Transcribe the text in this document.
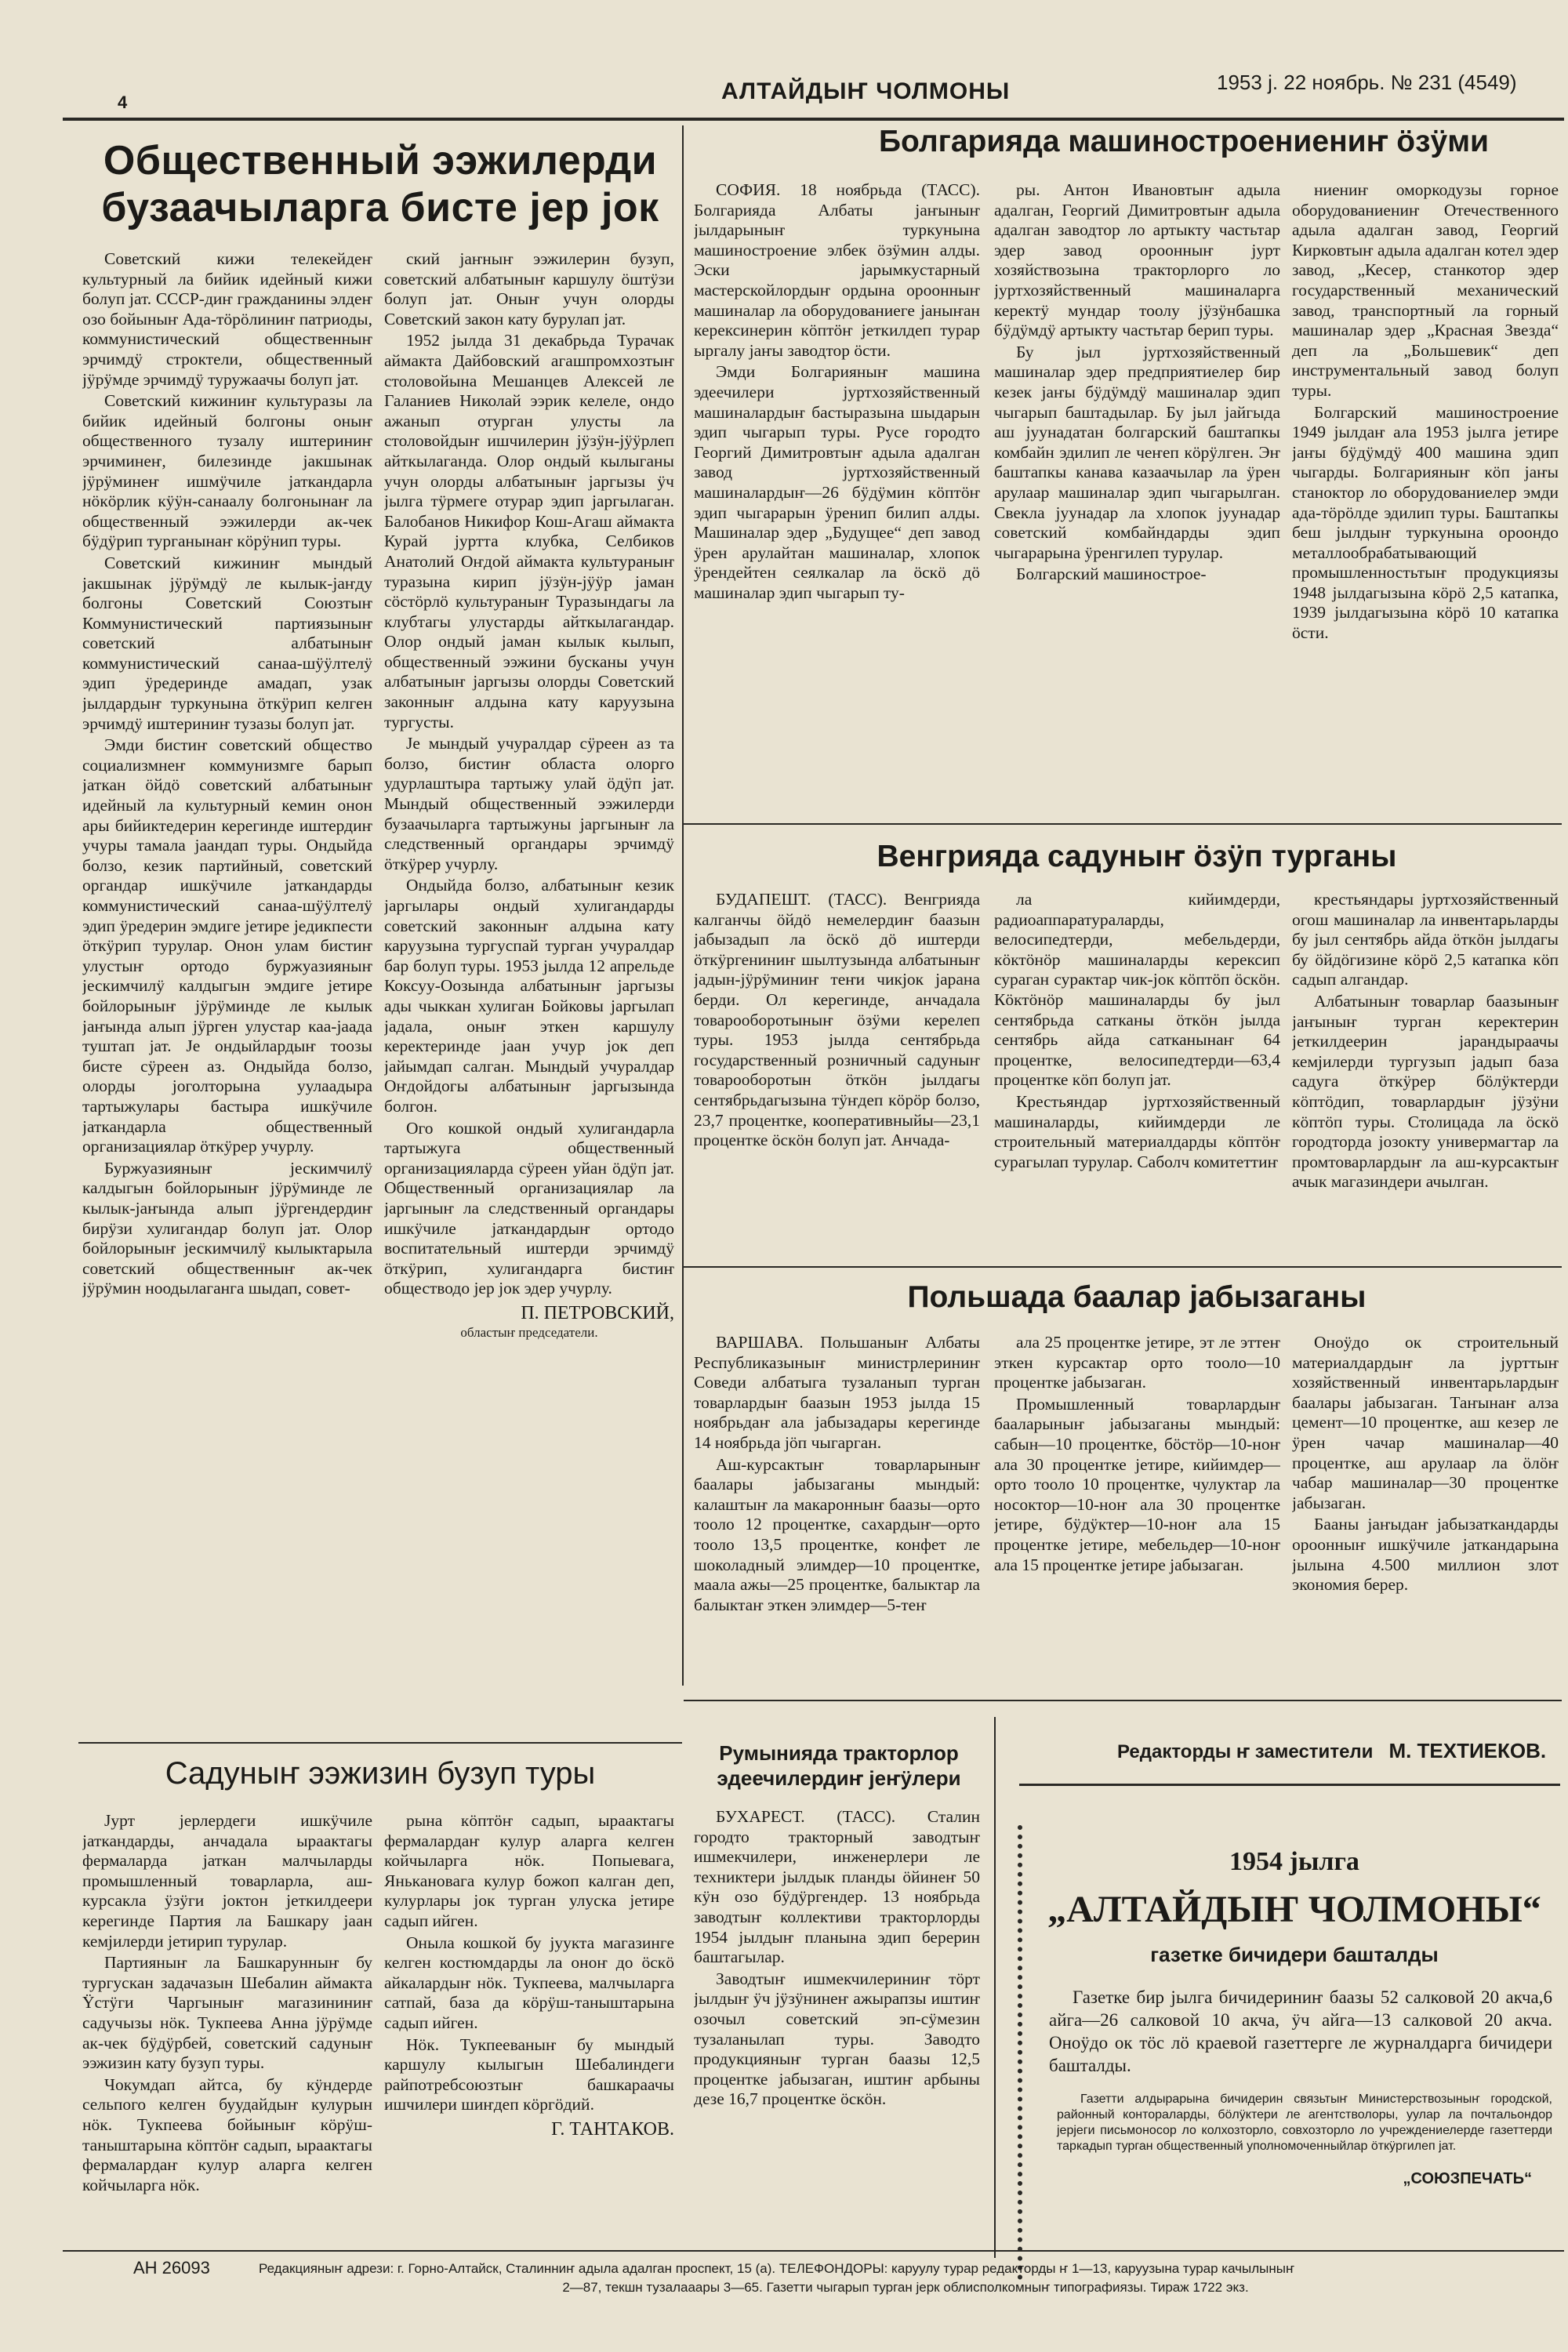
4	АЛТАЙДЫҤ ЧОЛМОНЫ	1953 ј. 22 ноябрь. № 231 (4549)
Общественный ээжилерди
бузаачыларга бисте јер јок

Советский кижи телекейдеҥ культурный ла бийик идейный кижи болуп јат. СССР-диҥ гражданины элдеҥ озо бойыныҥ Ада-тöрöлиниҥ патриоды, коммунистический общественныҥ эрчимдÿ строктели, общественный јÿрÿмде эрчимдÿ туружаачы болуп јат.

Советский кижиниҥ культуразы ла бийик идейный болгоны оныҥ общественного тузалу иштериниҥ эрчиминеҥ, билезинде јакшынак јÿрÿминеҥ ишмÿчиле јаткандарла нöкöрлик кÿÿн-санаалу болгонынаҥ ла общественный ээжилерди ак-чек бÿдÿрип турганынаҥ кöрÿнип туры.

Советский кижиниҥ мындый јакшынак јÿрÿмдÿ ле кылык-јаҥду болгоны Советский Союзтыҥ Коммунистический партиязыныҥ советский албатыныҥ коммунистический санаа-шÿÿлтелÿ эдип ÿредеринде амадап, узак јылдардыҥ туркунына öткÿрип келген эрчимдÿ иштериниҥ тузазы болуп јат.

Эмди бистиҥ советский общество социализмнеҥ коммунизмге барып јаткан öйдö советский албатыныҥ идейный ла культурный кемин онон ары бийиктедерин керегинде иштердиҥ учуры тамала јаандап туры. Ондыйда болзо, кезик партийный, советский органдар ишкÿчиле јаткандарды коммунистический санаа-шÿÿлтелÿ эдип ÿредерин эмдиге јетире једикпести öткÿрип турулар. Онон улам бистиҥ улустыҥ ортодо буржуазияныҥ јескимчилÿ калдыгын эмдиге јетире бойлорыныҥ јÿрÿминде ле кылык јаҥында алып јÿрген улустар каа-јаада туштап јат. Је ондыйлардыҥ тоозы бисте сÿреен аз. Ондыйда болзо, олорды јоголторына уулаадыра тартыжулары бастыра ишкÿчиле јаткандарла общественный организациялар öткÿрер учурлу.

Буржуазияныҥ јескимчилÿ калдыгын бойлорыныҥ јÿрÿминде ле кылык-јаҥында алып јÿргендердиҥ бирÿзи хулигандар болуп јат. Олор бойлорыныҥ јескимчилÿ кылыктарыла советский общественныҥ ак-чек јÿрÿмин ноодылаганга шыдап, совет-

ский јаҥныҥ ээжилерин бузуп, советский албатыныҥ каршулу öштÿзи болуп јат. Оныҥ учун олорды Советский закон кату бурулап јат.

1952 јылда 31 декабрьда Турачак аймакта Дайбовский агашпромхозтыҥ столовойына Мешанцев Алексей ле Галаниев Николай ээрик келеле, ондо ажанып отурган улусты ла столовойдыҥ ишчилерин јÿзÿн-јÿÿрлеп айткылаганда. Олор ондый кылыганы учун олорды албатыныҥ јаргызы ÿч јылга тÿрмеге отурар эдип јаргылаган. Балобанов Никифор Кош-Агаш аймакта Курай јуртта клубка, Селбиков Анатолий Оҥдой аймакта культураныҥ туразына кирип јÿзÿн-јÿÿр јаман сöстöрлö культураныҥ Туразындагы ла клубтагы улустарды айткылагандар. Олор ондый јаман кылык кылып, общественный ээжини бусканы учун албатыныҥ јаргызы олорды Советский законныҥ алдына кату каруузына тургусты.

Је мындый учуралдар сÿреен аз та болзо, бистиҥ областа олорго удурлаштыра тартыжу улай öдÿп јат. Мындый общественный ээжилерди бузаачыларга тартыжуны јаргыныҥ ла следственный органдары эрчимдÿ öткÿрер учурлу.

Ондыйда болзо, албатыныҥ кезик јаргылары ондый хулигандарды советский законныҥ алдына кату каруузына тургуспай турган учуралдар бар болуп туры. 1953 јылда 12 апрельде Коксуу-Оозында албатыныҥ јаргызы ады чыккан хулиган Бойковы јаргылап јадала, оныҥ эткен каршулу керектеринде јаан учур јок деп јайымдап салган. Мындый учуралдар Оҥдойдогы албатыныҥ јаргызында болгон.

Ого кошкой ондый хулигандарла тартыжуга общественный организацияларда сÿреен уйан öдÿп јат. Общественный организациялар ла јаргыныҥ ла следственный органдары ишкÿчиле јаткандардыҥ ортодо воспитательный иштерди эрчимдÿ öткÿрип, хулигандарга бистиҥ обществодо јер јок эдер учурлу.

П. ПЕТРОВСКИЙ,

областыҥ председатели.

Садуныҥ ээжизин бузуп туры

Јурт јерлердеги ишкÿчиле јаткандарды, анчадала ыраактагы фермаларда јаткан малчыларды промышленный товарларла, аш-курсакла ÿзÿги јоктон јеткилдеери керегинде Партия ла Башкару јаан кемјилерди јетирип турулар.

Партияныҥ ла Башкарунныҥ бу тургускан задачазын Шебалин аймакта Ÿстÿги Чаргыныҥ магазининиҥ садучызы нöк. Тукпеева Анна јÿрÿмде ак-чек бÿдÿрбей, советский садуныҥ ээжизин кату бузуп туры.

Чокумдап айтса, бу кÿндерде сельпого келген буудайдыҥ кулурын нöк. Тукпеева бойыныҥ кöрÿш-таныштарына кöптöҥ садып, ыраактагы фермалардаҥ кулур аларга келген койчыларга нöк.

рына кöптöҥ садып, ыраактагы фермалардаҥ кулур аларга келген койчыларга нöк. Попыевага, Янькановага кулур божоп калган деп, кулурлары јок турган улуска јетире садып ийген.

Оныла кошкой бу јуукта магазинге келген костюмдарды ла оноҥ до öскö айкалардыҥ нöк. Тукпеева, малчыларга сатпай, база да кöрÿш-таныштарына садып ийген.

Нöк. Тукпееваныҥ бу мындый каршулу кылыгын Шебалиндеги райпотребсоюзтыҥ башкараачы ишчилери шиҥдеп кöргöдий.

Г. ТАНТАКОВ.

Болгарияда машиностроениениҥ öзÿми

СОФИЯ. 18 ноябрьда (ТАСС). Болгарияда Албаты јаҥыныҥ јылдарыныҥ туркунына машиностроение элбек öзÿмин алды. Эски јарымкустарный мастерскойлордыҥ ордына ороонныҥ машиналар ла оборудованиеге јаныҥан керексинерин кöптöҥ јеткилдеп турар ыргалу јаҥы заводтор öсти.

Эмди Болгарияныҥ машина эдеечилери јуртхозяйственный машиналардыҥ бастыразына шыдарын эдип чыгарып туры. Русе городто Георгий Димитровтыҥ адыла адалган завод јуртхозяйственный машиналардыҥ—26 бÿдÿмин кöптöҥ эдип чыгарарын ÿренип билип алды. Машиналар эдер „Будущее“ деп завод ÿрен арулайтан машиналар, хлопок ÿрендейтен сеялкалар ла öскö дö машиналар эдип чыгарып ту-

ры. Антон Ивановтыҥ адыла адалган, Георгий Димитровтыҥ адыла адалган заводтор ло артыкту частьтар эдер завод ороонныҥ јурт хозяйствозына тракторлорго ло јуртхозяйственный машиналарга керектÿ мундар тоолу јÿзÿнбашка бÿдÿмдÿ артыкту частьтар берип туры.

Бу јыл јуртхозяйственный машиналар эдер предприятиелер бир кезек јаҥы бÿдÿмдÿ машиналар эдип чыгарып баштадылар. Бу јыл јайгыда аш јуунадатан болгарский баштапкы комбайн эдилип ле чеҥеп кöрÿлген. Эҥ баштапкы канава казаачылар ла ÿрен арулаар машиналар эдип чыгарылган. Свекла јуунадар ла хлопок јуунадар советский комбайндарды эдип чыгарарына ÿренгилеп турулар.

Болгарский машинострое-

ниениҥ оморкодузы горное оборудованиениҥ Отечественного адыла адалган завод, Георгий Кирковтыҥ адыла адалган котел эдер завод, „Кесер, станкотор эдер государственный механический завод, транспортный ла горный машиналар эдер „Красная Звезда“ деп ла „Большевик“ деп инструментальный завод болуп туры.

Болгарский машиностроение 1949 јылдаҥ ала 1953 јылга јетире јаҥы бÿдÿмдÿ 400 машина эдип чыгарды. Болгарияныҥ кöп јаҥы станоктор ло оборудованиелер эмди ада-тöрöлде эдилип туры. Баштапкы беш јылдыҥ туркунына ороондо металлообрабатывающий промышленностьтыҥ продукциязы 1948 јылдагызына кöрö 2,5 катапка, 1939 јылдагызына кöрö 10 катапка öсти.

Венгрияда садуныҥ öзÿп турганы

БУДАПЕШТ. (ТАСС). Венгрияда калганчы öйдö немелердиҥ баазын јабызадып ла öскö дö иштерди öткÿргениниҥ шылтузында албатыныҥ јадын-јÿрÿминиҥ теҥи чикјок јарана берди. Ол керегинде, анчадала товарооборотыныҥ öзÿми керелеп туры. 1953 јылда сентябрьда государственный розничный садуныҥ товарооборотын öткöн јылдагы сентябрьдагызына тÿҥдеп кöрöр болзо, 23,7 процентке, кооперативныйы—23,1 процентке öскöн болуп јат. Анчада-

ла кийимдерди, радиоаппаратураларды, велосипедтерди, мебельдерди, кöктöнöр машиналарды керексип сураган сурактар чик-јок кöптöп öскöн. Кöктöнöр машиналарды бу јыл сентябрьда сатканы öткöн јылда сентябрь айда сатканынаҥ 64 процентке, велосипедтерди—63,4 процентке кöп болуп јат.

Крестьяндар јуртхозяйственный машиналарды, кийимдерди ле строительный материалдарды кöптöҥ сурагылап турулар. Саболч комитеттиҥ

крестьяндары јуртхозяйственный огош машиналар ла инвентарьларды бу јыл сентябрь айда öткöн јылдагы бу öйдöгизине кöрö 2,5 катапка кöп садып алгандар.

Албатыныҥ товарлар баазыныҥ јаҥыныҥ турган керектерин јеткилдеерин јарандыраачы кемјилерди тургузып јадып база садуга öткÿрер бöлÿктерди кöптöдип, товарлардыҥ јÿзÿни кöптöп туры. Столицада ла öскö городторда јозокту универмагтар ла промтоварлардыҥ ла аш-курсактыҥ ачык магазиндери ачылган.

Польшада баалар јабызаганы

ВАРШАВА. Польшаныҥ Албаты Республиказыныҥ министрлериниҥ Соведи албатыга тузаланып турган товарлардыҥ баазын 1953 јылда 15 ноябрьдаҥ ала јабызадары керегинде 14 ноябрьда јöп чыгарган.

Аш-курсактыҥ товарларыныҥ баалары јабызаганы мындый: калаштыҥ ла макаронныҥ баазы—орто тооло 12 процентке, сахардыҥ—орто тооло 13,5 процентке, конфет ле шоколадный элимдер—10 процентке, маала ажы—25 процентке, балыктар ла балыктаҥ эткен элимдер—5-теҥ

ала 25 процентке јетире, эт ле эттеҥ эткен курсактар орто тооло—10 процентке јабызаган.

Промышленный товарлардыҥ бааларыныҥ јабызаганы мындый: сабын—10 процентке, бöстöр—10-ноҥ ала 30 процентке јетире, кийимдер—орто тооло 10 процентке, чулуктар ла носоктор—10-ноҥ ала 30 процентке јетире, бÿдÿктер—10-ноҥ ала 15 процентке јетире, мебельдер—10-ноҥ ала 15 процентке јетире јабызаган.

Оноӱдо ок строительный материалдардыҥ ла јурттыҥ хозяйственный инвентарьлардыҥ баалары јабызаган. Таҥынаҥ алза цемент—10 процентке, аш кезер ле ÿрен чачар машиналар—40 процентке, аш арулаар ла öлöҥ чабар машиналар—30 процентке јабызаган.

Бааны јаҥыдаҥ јабызаткандарды ороонныҥ ишкÿчиле јаткандарына јылына 4.500 миллион злот экономия берер.

Румынияда тракторлор
эдеечилердиҥ јеҥÿлери

БУХАРЕСТ. (ТАСС). Сталин городто тракторный заводтыҥ ишмекчилери, инженерлери ле техниктери јылдык планды öйинеҥ 50 кÿн озо бÿдÿргендер. 13 ноябрьда заводтыҥ коллективи тракторлорды 1954 јылдыҥ планына эдип берерин баштагылар.

Заводтыҥ ишмекчилериниҥ тöрт јылдыҥ ÿч јÿзÿнинеҥ ажырапзы иштиҥ озочыл советский эп-сÿмезин тузаланылап туры. Заводто продукцияныҥ турган баазы 12,5 процентке јабызаган, иштиҥ арбыны дезе 16,7 процентке öскöн.

Редакторды ҥ заместители М. ТЕХТИЕКОВ.
1954 јылга
„АЛТАЙДЫҤ ЧОЛМОНЫ“
газетке бичидери башталды
Газетке бир јылга бичидериниҥ баазы 52 салковой 20 акча,6 айга—26 салковой 10 акча, ÿч айга—13 салковой 20 акча. Оноӱдо ок тöс лö краевой газеттерге ле журналдарга бичидери башталды.
Газетти алдырарына бичидерин связьтыҥ Министерствозыныҥ городской, районный контораларды, бöлÿктери ле агентстволоры, уулар ла почтальондор јерјеги письмоносор ло колхозторло, совхозторло ло учреждениелерде газеттерди таркадып турган общественный уполномоченныйлар öткÿргилеп јат.
„СОЮЗПЕЧАТЬ“
АН 26093	Редакцияныҥ адрези: г. Горно-Алтайск, Сталинниҥ адыла адалган проспект, 15 (а). ТЕЛЕФОНДОРЫ: каруулу турар редакторды ҥ 1—13, каруузына турар качылыныҥ
2—87, текшн тузалааары 3—65. Газетти чыгарып турган јерк облисполкомныҥ типографиязы. Тираж 1722 экз.
